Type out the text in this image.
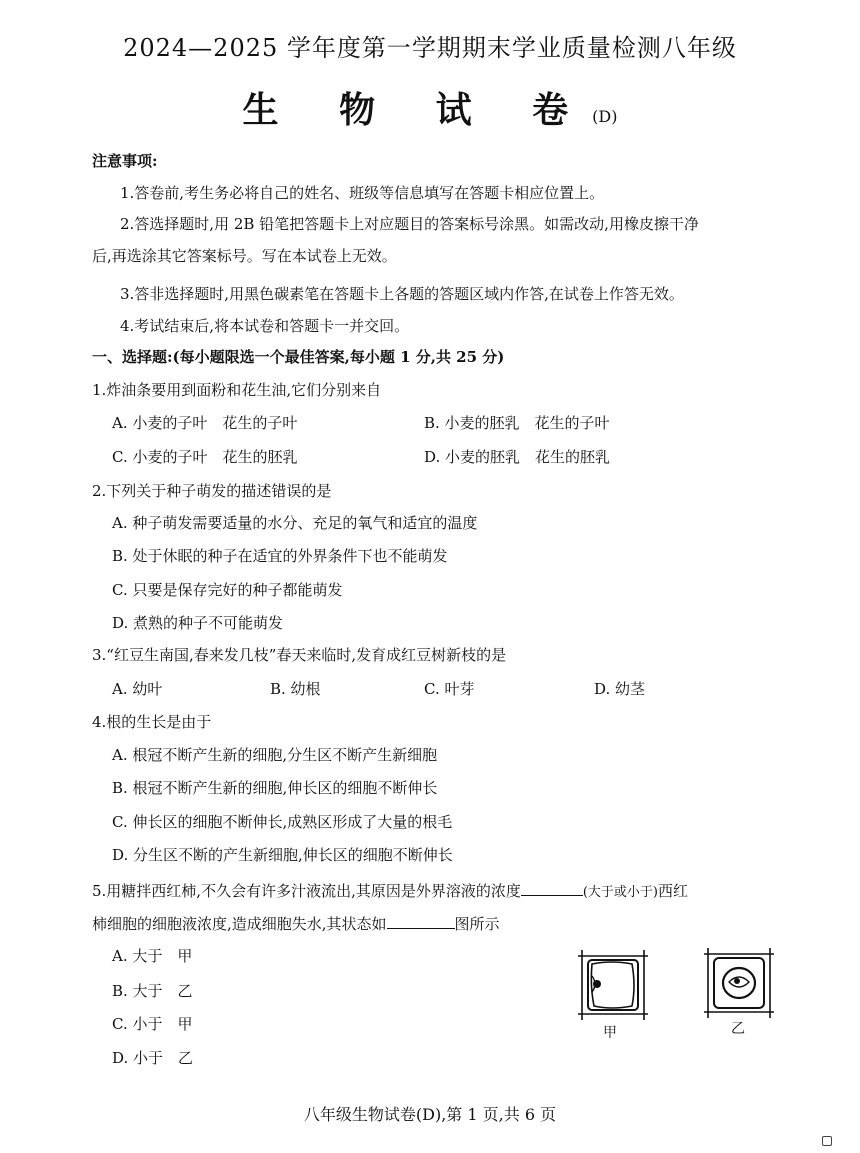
2024—2025 学年度第一学期期末学业质量检测八年级
生 物 试 卷(D)
注意事项:
1.答卷前,考生务必将自己的姓名、班级等信息填写在答题卡相应位置上。
2.答选择题时,用 2B 铅笔把答题卡上对应题目的答案标号涂黑。如需改动,用橡皮擦干净
后,再选涂其它答案标号。写在本试卷上无效。
3.答非选择题时,用黑色碳素笔在答题卡上各题的答题区域内作答,在试卷上作答无效。
4.考试结束后,将本试卷和答题卡一并交回。
一、选择题:(每小题限选一个最佳答案,每小题 1 分,共 25 分)
1.炸油条要用到面粉和花生油,它们分别来自
A. 小麦的子叶　花生的子叶	B. 小麦的胚乳　花生的子叶
C. 小麦的子叶　花生的胚乳	D. 小麦的胚乳　花生的胚乳
2.下列关于种子萌发的描述错误的是
A. 种子萌发需要适量的水分、充足的氧气和适宜的温度
B. 处于休眠的种子在适宜的外界条件下也不能萌发
C. 只要是保存完好的种子都能萌发
D. 煮熟的种子不可能萌发
3.“红豆生南国,春来发几枝”春天来临时,发育成红豆树新枝的是
A. 幼叶	B. 幼根	C. 叶芽	D. 幼茎
4.根的生长是由于
A. 根冠不断产生新的细胞,分生区不断产生新细胞
B. 根冠不断产生新的细胞,伸长区的细胞不断伸长
C. 伸长区的细胞不断伸长,成熟区形成了大量的根毛
D. 分生区不断的产生新细胞,伸长区的细胞不断伸长
5.用糖拌西红柿,不久会有许多汁液流出,其原因是外界溶液的浓度	(大于或小于)西红
柿细胞的细胞液浓度,造成细胞失水,其状态如	图所示
A. 大于　甲
B. 大于　乙
C. 小于　甲
D. 小于　乙
甲	乙
八年级生物试卷(D),第 1 页,共 6 页
